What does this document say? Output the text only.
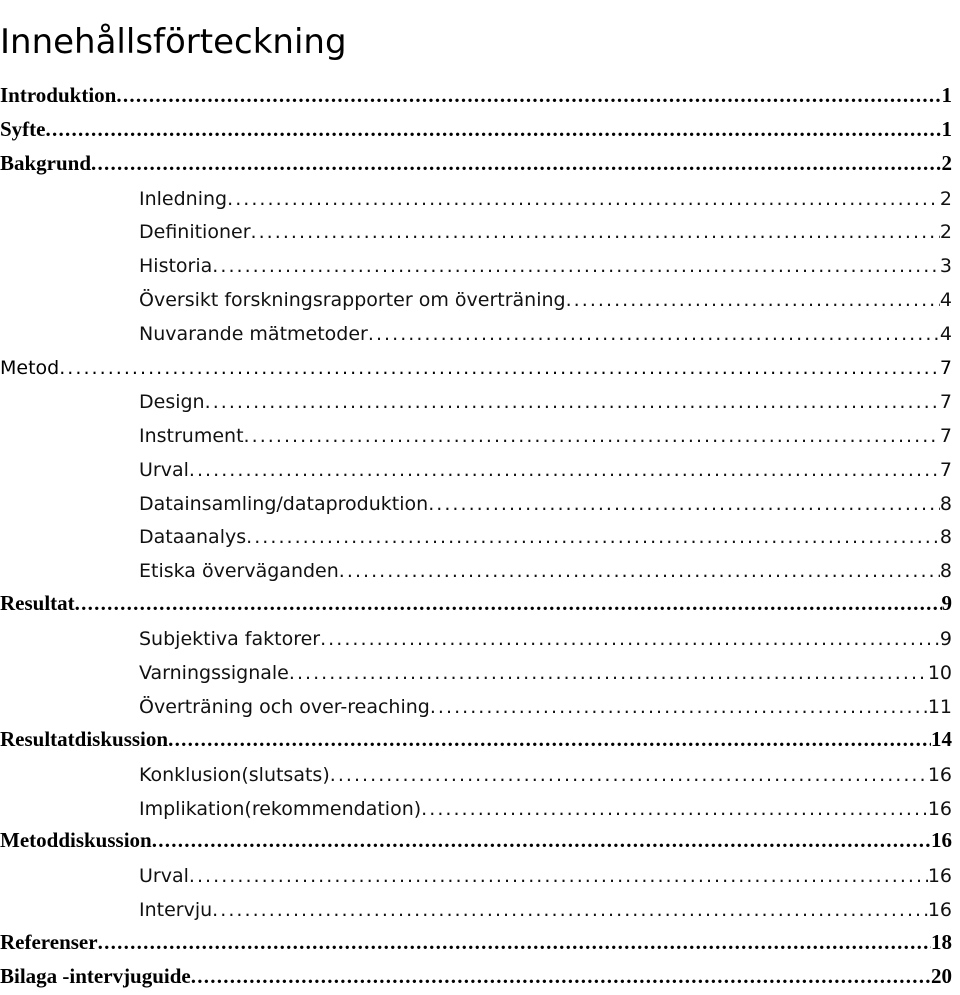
Innehållsförteckning
Introduktion . . .	1
Syfte . . .	1
Bakgrund . . .	2
Inledning . . .	2
Definitioner . . .	2
Historia . . .	3
Översikt forskningsrapporter om överträning . . .	4
Nuvarande mätmetoder . . .	4
Metod . . .	7
Design . . .	7
Instrument . . .	7
Urval . . .	7
Datainsamling/dataproduktion . . .	8
Dataanalys . . .	8
Etiska överväganden . . .	8
Resultat . . .	9
Subjektiva faktorer . . .	9
Varningssignale . . .	10
Överträning och over-reaching . . .	11
Resultatdiskussion . . .	14
Konklusion(slutsats) . . .	16
Implikation(rekommendation) . . .	16
Metoddiskussion . . .	16
Urval . . .	16
Intervju . . .	16
Referenser . . .	18
Bilaga -intervjuguide . . .	20
